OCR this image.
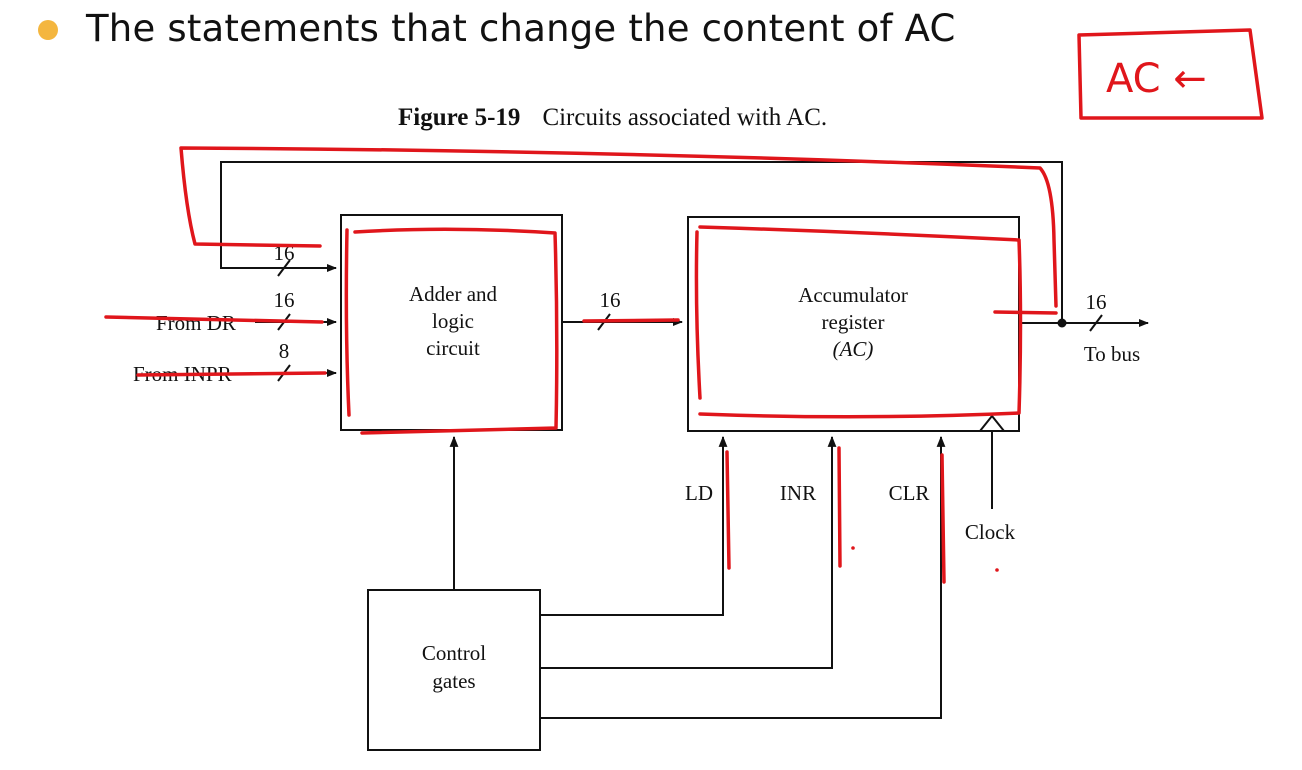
The statements that change the content of AC
Figure 5-19 Circuits associated with AC.
Adder and
logic
circuit
Accumulator
register
(AC)
Control
gates
From DR
From INPR
16
16
8
16	16
To bus
LD	INR	CLR
Clock
AC ←
